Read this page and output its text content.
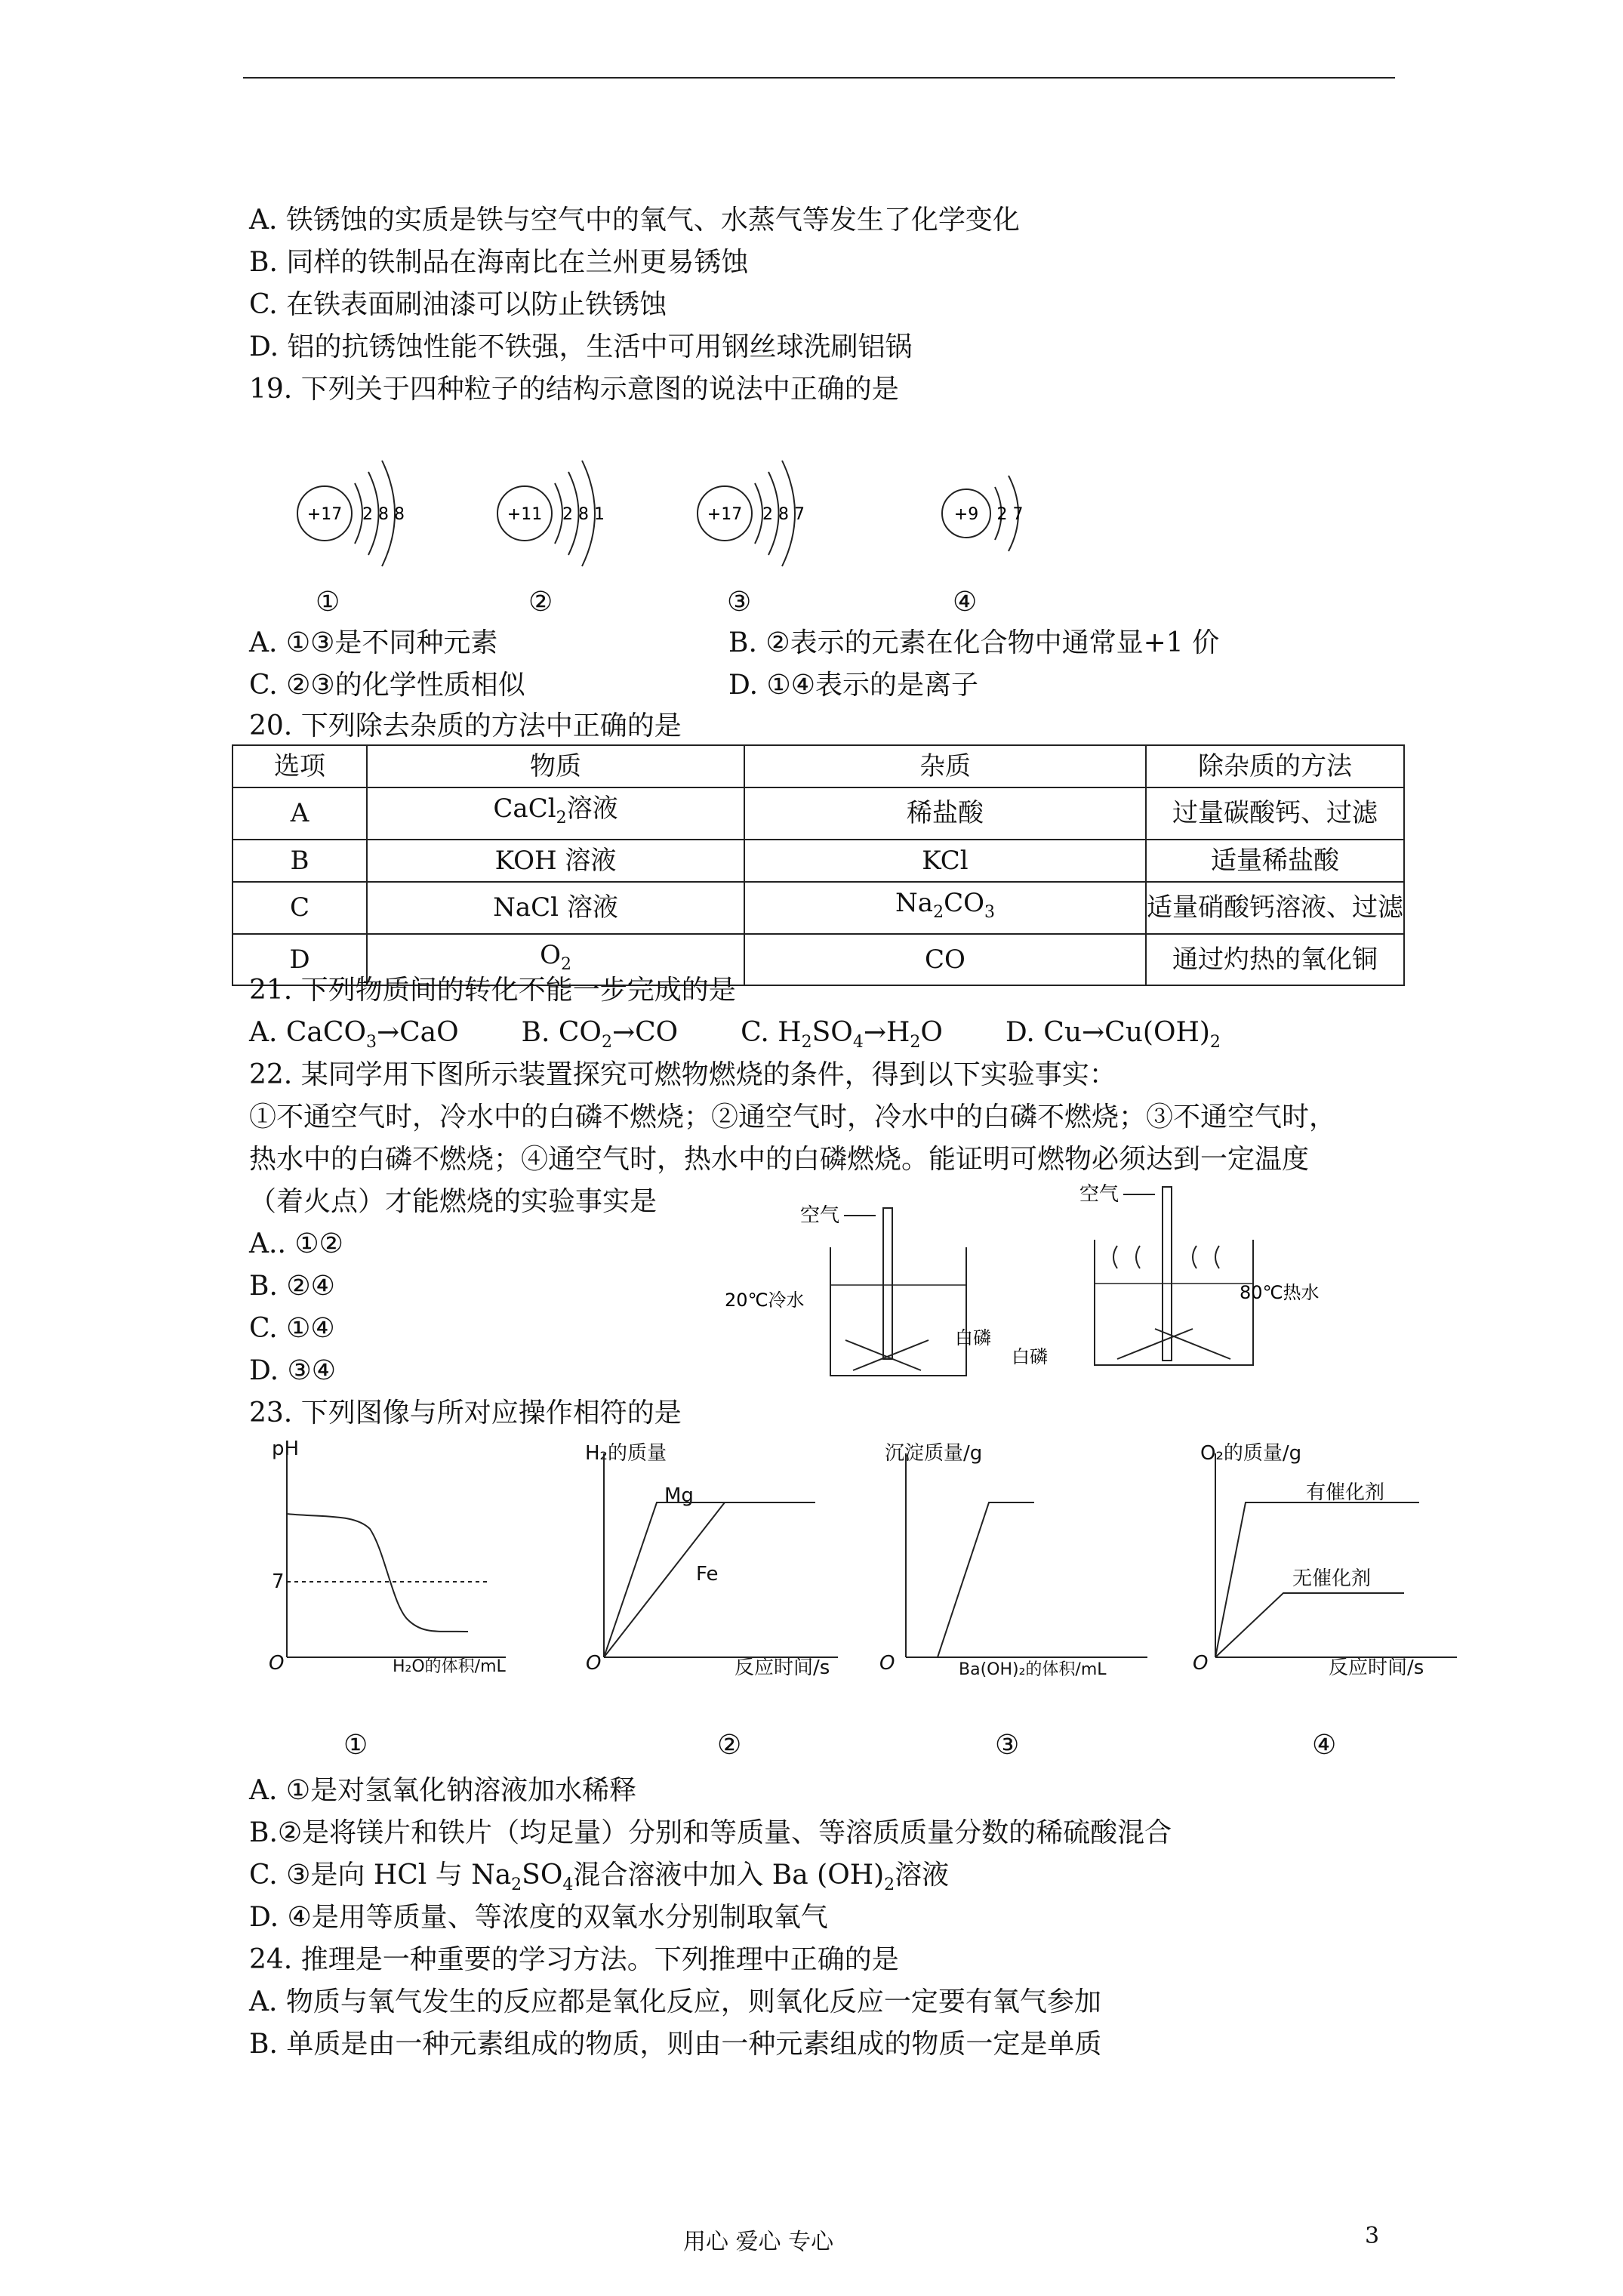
A. 铁锈蚀的实质是铁与空气中的氧气、水蒸气等发生了化学变化
B. 同样的铁制品在海南比在兰州更易锈蚀
C. 在铁表面刷油漆可以防止铁锈蚀
D. 铝的抗锈蚀性能不铁强，生活中可用钢丝球洗刷铝锅
19. 下列关于四种粒子的结构示意图的说法中正确的是
+17 2 8 8	+11 2 8 1	+17 2 8 7	+9 2 7
①	②	③	④
A. ①③是不同种元素	B. ②表示的元素在化合物中通常显+1 价
C. ②③的化学性质相似	D. ①④表示的是离子
20. 下列除去杂质的方法中正确的是
选项	物质	杂质	除杂质的方法
A	CaCl$_2$溶液	稀盐酸	过量碳酸钙、过滤
B	KOH 溶液	KCl	适量稀盐酸
C	NaCl 溶液	$Na_2CO_3$	适量硝酸钙溶液、过滤
D	$O_2$	CO	通过灼热的氧化铜
21. 下列物质间的转化不能一步完成的是
A. CaCO$_3$→CaO B. $CO_2\to CO$ C. $H_2SO_4\to H_2O$ D. $Cu\to Cu(OH)_2$
22. 某同学用下图所示装置探究可燃物燃烧的条件，得到以下实验事实：
①不通空气时，冷水中的白磷不燃烧；②通空气时，冷水中的白磷不燃烧；③不通空气时，
热水中的白磷不燃烧；④通空气时，热水中的白磷燃烧。能证明可燃物必须达到一定温度
（着火点）才能燃烧的实验事实是
A.. ①②
B. ②④
C. ①④
D. ③④
空气
20℃冷水
白磷
空气
80℃热水
白磷
23. 下列图像与所对应操作相符的是
pH
H₂O的体积/mL
O
7
H₂的质量
反应时间/s
O
Mg
Fe
沉淀质量/g
Ba(OH)₂的体积/mL
O
O₂的质量/g
反应时间/s
O
有催化剂
无催化剂
①	②	③	④
A. ①是对氢氧化钠溶液加水稀释
B.②是将镁片和铁片（均足量）分别和等质量、等溶质质量分数的稀硫酸混合
C. ③是向 HCl 与 $Na_2SO_4$混合溶液中加入 Ba $(OH)_2$溶液
D. ④是用等质量、等浓度的双氧水分别制取氧气
24. 推理是一种重要的学习方法。下列推理中正确的是
A. 物质与氧气发生的反应都是氧化反应，则氧化反应一定要有氧气参加
B. 单质是由一种元素组成的物质，则由一种元素组成的物质一定是单质
用心 爱心 专心	3
